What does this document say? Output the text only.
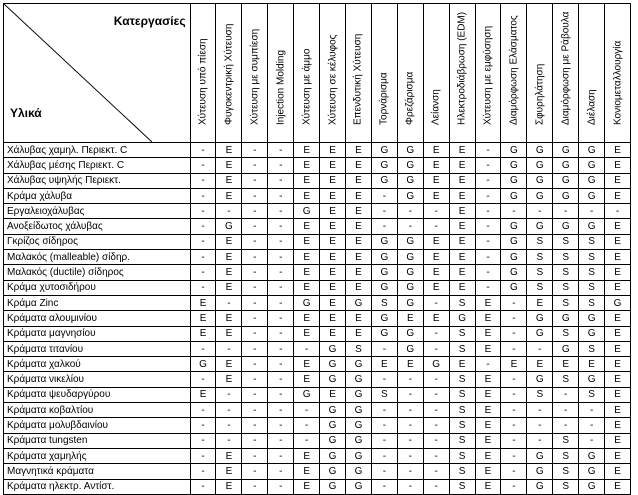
Κατεργασίες
Υλικά	Χύτευση υπό πίεση	Φυγοκεντρική Χύτευση	Χύτευση με συμπίεση	Injection Molding	Χύτευση με άμμο	Χύτευση σε κέλυφος	Επενδυτική Χύτευση	Τορνάρισμα	Φρεζάρισμα	Λείανση	Ηλεκτροδιάβρωση (EDM)	Χύτευση με εμφύσηση	Διαμόρφωση Ελάσματος	Σφυρηλάτηση	Διαμόρφωση με Ράβουλα	Διέλαση	Κονιομεταλλουργία

Χάλυβας χαμηλ. Περιεκτ. C	-	E	-	-	E	E	E	G	G	E	E	-	G	G	G	G	E
Χάλυβας μέσης Περιεκτ. C	-	E	-	-	E	E	E	G	G	E	E	-	G	G	G	G	E
Χάλυβας υψηλής Περιεκτ.	-	E	-	-	E	E	E	G	G	E	E	-	G	G	G	G	E
Κράμα χάλυβα	-	E	-	-	E	E	E	-	G	E	E	-	G	G	G	G	E
Εργαλειοχάλυβας	-	-	-	-	G	E	E	-	-	-	E	-	-	-	-	-	-
Ανοξείδωτος χάλυβας	-	G	-	-	E	E	E	-	-	-	E	-	G	G	G	G	E
Γκρίζος σίδηρος	-	E	-	-	E	E	E	G	G	E	E	-	G	S	S	S	E
Μαλακός (malleable) σίδηρ.	-	E	-	-	E	E	E	G	G	E	E	-	G	S	S	S	E
Μαλακός (ductile) σίδηρος	-	E	-	-	E	E	E	G	G	E	E	-	G	S	S	S	E
Κράμα χυτοσιδήρου	-	E	-	-	E	E	E	G	G	E	E	-	G	S	S	S	E
Κράμα Zinc	E	-	-	-	G	E	G	S	G	-	S	E	-	E	S	S	G
Κράματα αλουμινίου	E	E	-	-	E	E	E	G	E	E	G	E	-	G	G	G	E
Κράματα μαγνησίου	E	E	-	-	E	E	E	G	G	-	S	E	-	G	S	G	E
Κράματα τιτανίου	-	-	-	-	-	G	S	-	G	-	S	E	-	-	G	S	E
Κράματα χαλκού	G	E	-	-	E	G	G	E	E	G	E	-	E	E	E	E	E
Κράματα νικελίου	-	E	-	-	E	G	G	-	-	-	S	E	-	G	S	G	E
Κράματα ψευδαργύρου	E	-	-	-	G	E	G	S	-	-	S	E	-	S	-	S	E
Κράματα κοβαλτίου	-	-	-	-	-	G	G	-	-	-	S	E	-	-	-	-	E
Κράματα μολυβδαινίου	-	-	-	-	-	G	G	-	-	-	S	E	-	-	-	-	E
Κράματα tungsten	-	-	-	-	-	G	G	-	-	-	S	E	-	-	S	-	E
Κράματα χαμηλής	-	E	-	-	E	G	G	-	-	-	S	E	-	G	S	G	E
Μαγνητικά κράματα	-	E	-	-	E	G	G	-	-	-	S	E	-	G	S	G	E
Κράματα ηλεκτρ. Αντίστ.	-	E	-	-	E	G	G	-	-	-	S	E	-	G	S	G	E
